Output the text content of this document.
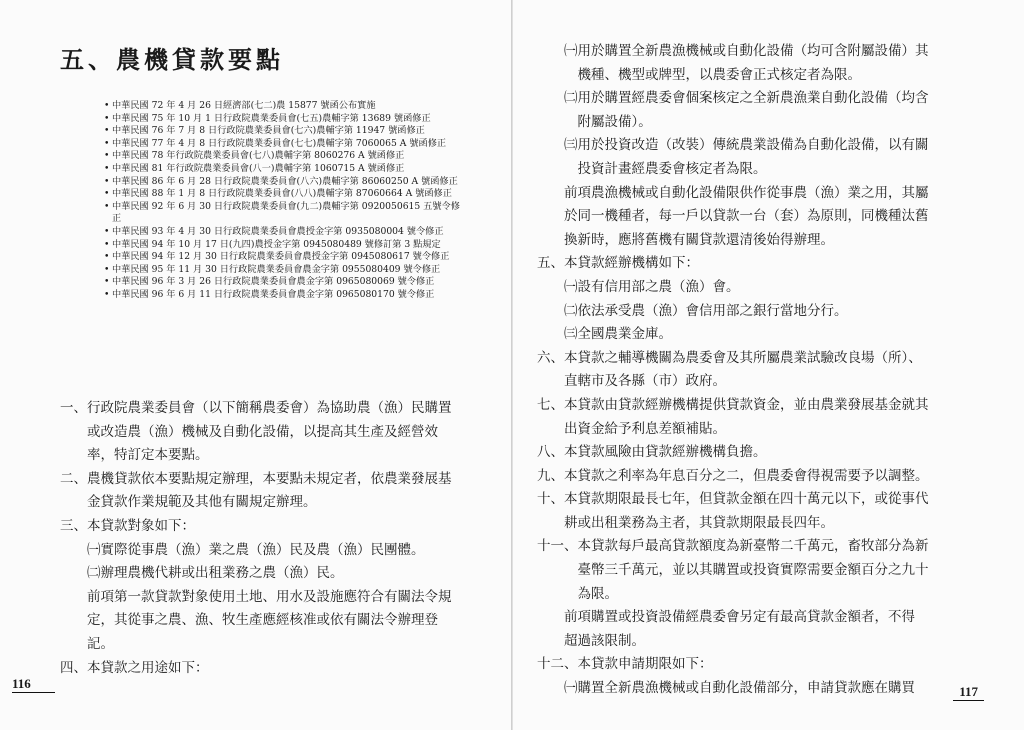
五、農機貸款要點
• 中華民國 72 年 4 月 26 日經濟部(七二)農 15877 號函公布實施
• 中華民國 75 年 10 月 1 日行政院農業委員會(七五)農輔字第 13689 號函修正
• 中華民國 76 年 7 月 8 日行政院農業委員會(七六)農輔字第 11947 號函修正
• 中華民國 77 年 4 月 8 日行政院農業委員會(七七)農輔字第 7060065 A 號函修正
• 中華民國 78 年行政院農業委員會(七八)農輔字第 8060276 A 號函修正
• 中華民國 81 年行政院農業委員會(八一)農輔字第 1060715 A 號函修正
• 中華民國 86 年 6 月 28 日行政院農業委員會(八六)農輔字第 86060250 A 號函修正
• 中華民國 88 年 1 月 8 日行政院農業委員會(八八)農輔字第 87060664 A 號函修正
• 中華民國 92 年 6 月 30 日行政院農業委員會(九二)農輔字第 0920050615 五號令修正
• 中華民國 93 年 4 月 30 日行政院農業委員會農授金字第 0935080004 號令修正
• 中華民國 94 年 10 月 17 日(九四)農授金字第 0945080489 號修訂第 3 點規定
• 中華民國 94 年 12 月 30 日行政院農業委員會農授金字第 0945080617 號令修正
• 中華民國 95 年 11 月 30 日行政院農業委員會農金字第 0955080409 號令修正
• 中華民國 96 年 3 月 26 日行政院農業委員會農金字第 0965080069 號令修正
• 中華民國 96 年 6 月 11 日行政院農業委員會農金字第 0965080170 號令修正
一、行政院農業委員會（以下簡稱農委會）為協助農（漁）民購置
　　或改造農（漁）機械及自動化設備，以提高其生產及經營效
　　率，特訂定本要點。
二、農機貸款依本要點規定辦理，本要點未規定者，依農業發展基
　　金貸款作業規範及其他有關規定辦理。
三、本貸款對象如下：
　　㈠實際從事農（漁）業之農（漁）民及農（漁）民團體。
　　㈡辦理農機代耕或出租業務之農（漁）民。
　　前項第一款貸款對象使用土地、用水及設施應符合有關法令規
　　定，其從事之農、漁、牧生產應經核准或依有關法令辦理登
　　記。
四、本貸款之用途如下：
116
　　㈠用於購置全新農漁機械或自動化設備（均可含附屬設備）其
　　　機種、機型或牌型，以農委會正式核定者為限。
　　㈡用於購置經農委會個案核定之全新農漁業自動化設備（均含
　　　附屬設備）。
　　㈢用於投資改造（改裝）傳統農業設備為自動化設備，以有關
　　　投資計畫經農委會核定者為限。
　　前項農漁機械或自動化設備限供作從事農（漁）業之用，其屬
　　於同一機種者，每一戶以貸款一台（套）為原則，同機種汰舊
　　換新時，應將舊機有關貸款還清後始得辦理。
五、本貸款經辦機構如下：
　　㈠設有信用部之農（漁）會。
　　㈡依法承受農（漁）會信用部之銀行當地分行。
　　㈢全國農業金庫。
六、本貸款之輔導機關為農委會及其所屬農業試驗改良場（所）、
　　直轄市及各縣（市）政府。
七、本貸款由貸款經辦機構提供貸款資金，並由農業發展基金就其
　　出資金給予利息差額補貼。
八、本貸款風險由貸款經辦機構負擔。
九、本貸款之利率為年息百分之二，但農委會得視需要予以調整。
十、本貸款期限最長七年，但貸款金額在四十萬元以下，或從事代
　　耕或出租業務為主者，其貸款期限最長四年。
十一、本貸款每戶最高貸款額度為新臺幣二千萬元，畜牧部分為新
　　　臺幣三千萬元，並以其購置或投資實際需要金額百分之九十
　　　為限。
　　前項購置或投資設備經農委會另定有最高貸款金額者，不得
　　超過該限制。
十二、本貸款申請期限如下：
　　㈠購置全新農漁機械或自動化設備部分，申請貸款應在購買	117
